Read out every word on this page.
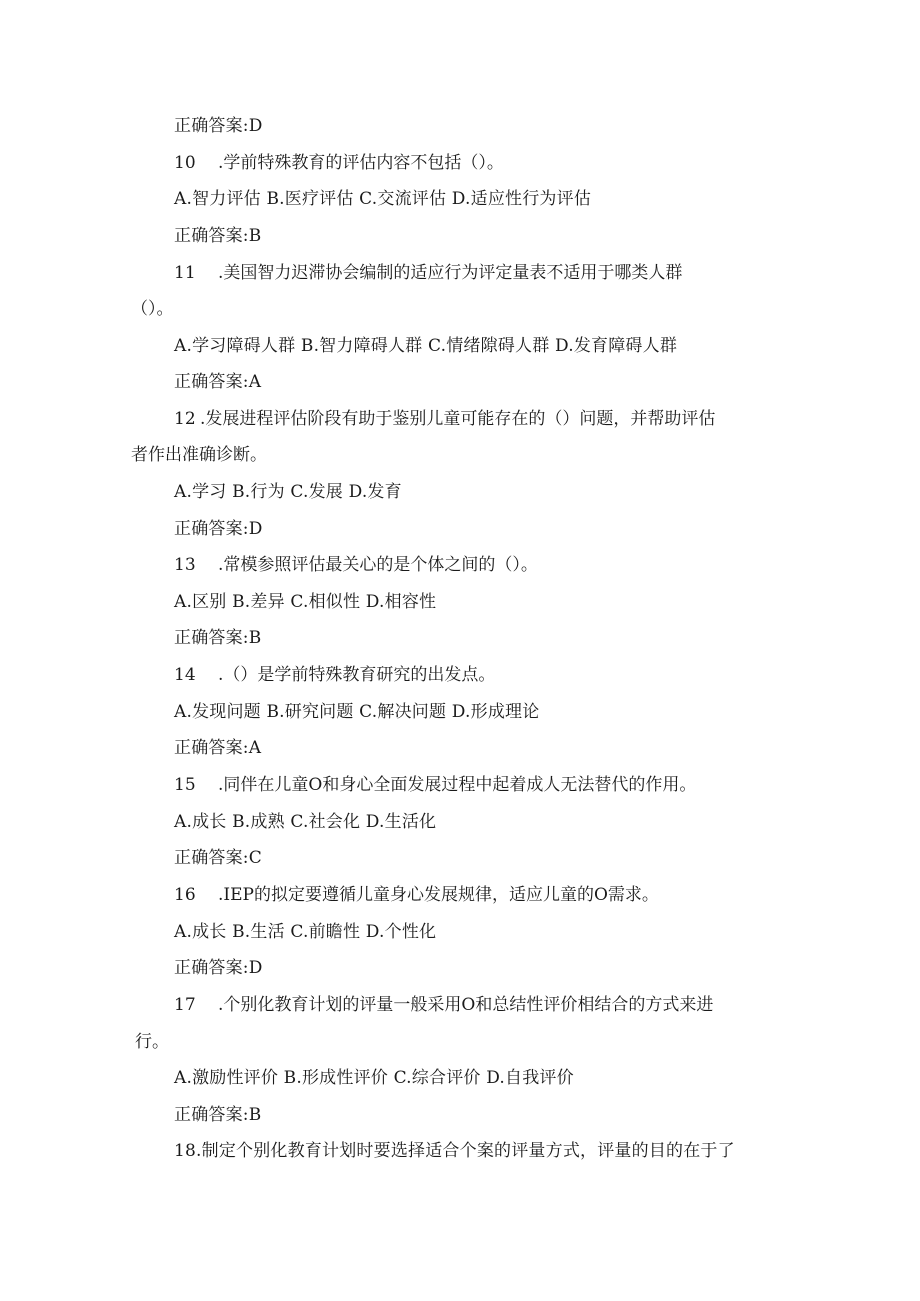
正确答案:D
10 .学前特殊教育的评估内容不包括（）。
A.智力评估 B.医疗评估 C.交流评估 D.适应性行为评估
正确答案:B
11 .美国智力迟滞协会编制的适应行为评定量表不适用于哪类人群
（）。
A.学习障碍人群 B.智力障碍人群 C.情绪隙碍人群 D.发育障碍人群
正确答案:A
12 .发展进程评估阶段有助于鉴别儿童可能存在的（）问题，并帮助评估
者作出准确诊断。
A.学习 B.行为 C.发展 D.发育
正确答案:D
13 .常模参照评估最关心的是个体之间的（）。
A.区别 B.差异 C.相似性 D.相容性
正确答案:B
14 .（）是学前特殊教育研究的出发点。
A.发现问题 B.研究问题 C.解决问题 D.形成理论
正确答案:A
15 .同伴在儿童O和身心全面发展过程中起着成人无法替代的作用。
A.成长 B.成熟 C.社会化 D.生活化
正确答案:C
16 .IEP的拟定要遵循儿童身心发展规律，适应儿童的O需求。
A.成长 B.生活 C.前瞻性 D.个性化
正确答案:D
17 .个别化教育计划的评量一般采用O和总结性评价相结合的方式来进
行。
A.激励性评价 B.形成性评价 C.综合评价 D.自我评价
正确答案:B
18.制定个别化教育计划时要选择适合个案的评量方式，评量的目的在于了
